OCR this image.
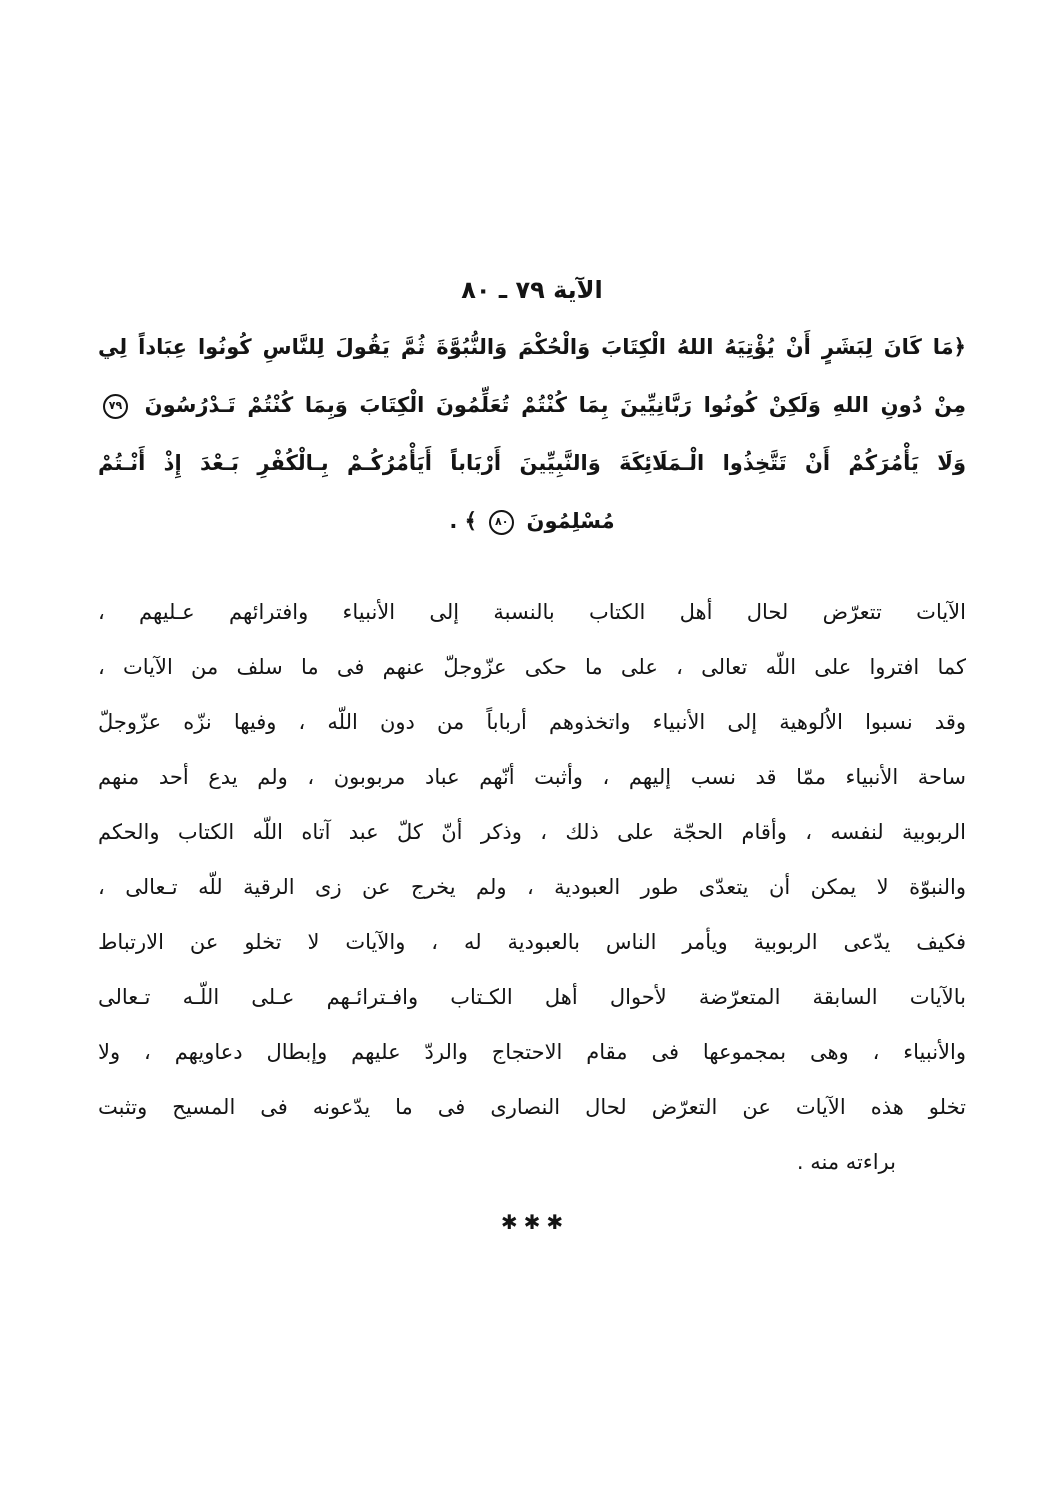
الآية ٧٩ ـ ٨٠
﴿مَا كَانَ لِبَشَرٍ أَنْ يُؤْتِيَهُ اللهُ الْكِتَابَ وَالْحُكْمَ وَالنُّبُوَّةَ ثُمَّ يَقُولَ لِلنَّاسِ كُونُوا عِبَاداً لِي
مِنْ دُونِ اللهِ وَلَكِنْ كُونُوا رَبَّانِيِّينَ بِمَا كُنْتُمْ تُعَلِّمُونَ الْكِتَابَ وَبِمَا كُنْتُمْ تَـدْرُسُونَ ٧٩
وَلَا يَأْمُرَكُمْ أَنْ تَتَّخِذُوا الْـمَلَائِكَةَ وَالنَّبِيِّينَ أَرْبَاباً أَيَأْمُرُكُـمْ بِـالْكُفْرِ بَـعْدَ إِذْ أَنْـتُمْ
مُسْلِمُونَ ٨٠ ﴾ .
الآيات تتعرّض لحال أهل الكتاب بالنسبة إلى الأنبياء وافترائهم عـليهم ،
كما افتروا على اللّه تعالى ، على ما حكى عزّوجلّ عنهم فى ما سلف من الآيات ،
وقد نسبوا الاُلوهية إلى الأنبياء واتخذوهم أرباباً من دون اللّه ، وفيها نزّه عزّوجلّ
ساحة الأنبياء ممّا قد نسب إليهم ، وأثبت أنّهم عباد مربوبون ، ولم يدع أحد منهم
الربوبية لنفسه ، وأقام الحجّة على ذلك ، وذكر أنّ كلّ عبد آتاه اللّه الكتاب والحكم
والنبوّة لا يمكن أن يتعدّى طور العبودية ، ولم يخرج عن زى الرقية للّه تـعالى ،
فكيف يدّعى الربوبية ويأمر الناس بالعبودية له ، والآيات لا تخلو عن الارتباط
بالآيات السابقة المتعرّضة لأحوال أهل الكـتاب وافـترائـهم عـلى اللّـه تـعالى
والأنبياء ، وهى بمجموعها فى مقام الاحتجاج والردّ عليهم وإبطال دعاويهم ، ولا
تخلو هذه الآيات عن التعرّض لحال النصارى فى ما يدّعونه فى المسيح وتثبت
براءته منه .
✱✱✱
